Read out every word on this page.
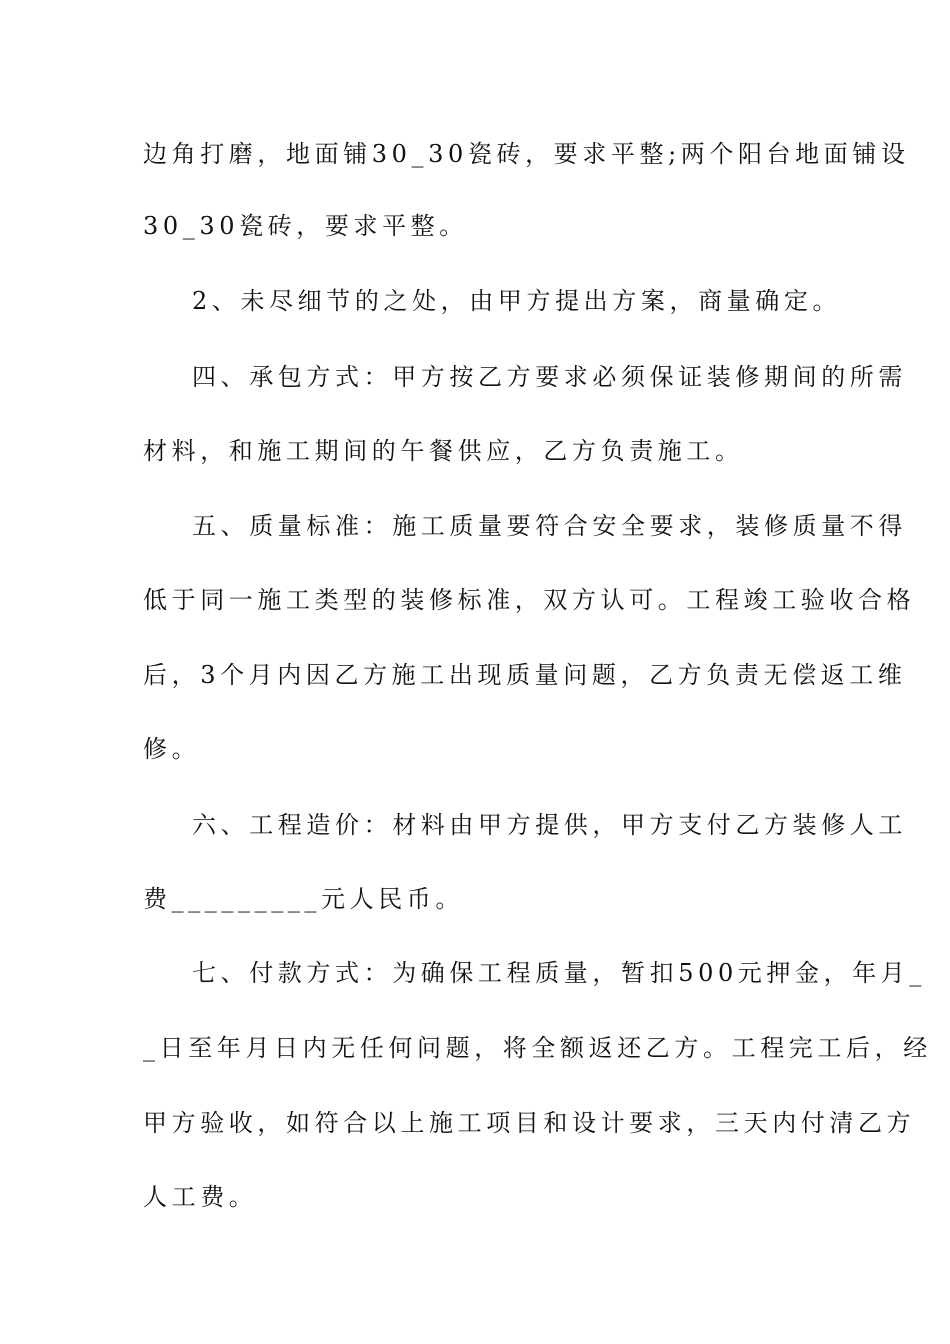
边角打磨，地面铺30_30瓷砖，要求平整;两个阳台地面铺设
30_30瓷砖，要求平整。
2、未尽细节的之处，由甲方提出方案，商量确定。
四、承包方式：甲方按乙方要求必须保证装修期间的所需
材料，和施工期间的午餐供应，乙方负责施工。
五、质量标准：施工质量要符合安全要求，装修质量不得
低于同一施工类型的装修标准，双方认可。工程竣工验收合格
后，3个月内因乙方施工出现质量问题，乙方负责无偿返工维
修。
六、工程造价：材料由甲方提供，甲方支付乙方装修人工
费_________元人民币。
七、付款方式：为确保工程质量，暂扣500元押金，年月_
_日至年月日内无任何问题，将全额返还乙方。工程完工后，经
甲方验收，如符合以上施工项目和设计要求，三天内付清乙方
人工费。
